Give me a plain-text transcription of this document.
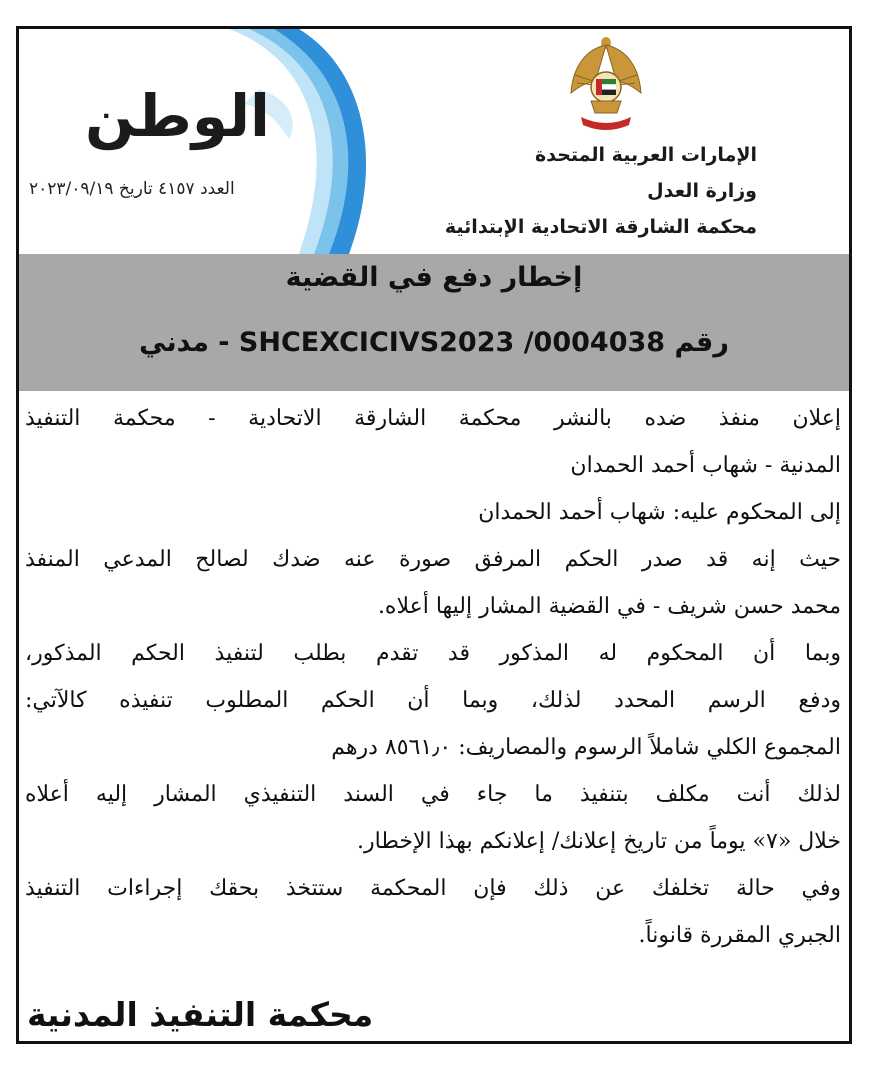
الإمارات العربية المتحدة
وزارة العدل
محكمة الشارقة الاتحادية الإبتدائية
الوطن
العدد ٤١٥٧ تاريخ ٢٠٢٣/٠٩/١٩
إخطار دفع في القضية
رقم SHCEXCICIVS2023 /0004038 - مدني

إعلان منفذ ضده بالنشر محكمة الشارقة الاتحادية - محكمة التنفيذ

المدنية - شهاب أحمد الحمدان

إلى المحكوم عليه: شهاب أحمد الحمدان

حيث إنه قد صدر الحكم المرفق صورة عنه ضدك لصالح المدعي المنفذ

محمد حسن شريف - في القضية المشار إليها أعلاه.

وبما أن المحكوم له المذكور قد تقدم بطلب لتنفيذ الحكم المذكور،

ودفع الرسم المحدد لذلك، وبما أن الحكم المطلوب تنفيذه كالآتي:

المجموع الكلي شاملاً الرسوم والمصاريف: ٨٥٦١٫٠ درهم

لذلك أنت مكلف بتنفيذ ما جاء في السند التنفيذي المشار إليه أعلاه

خلال «٧» يوماً من تاريخ إعلانك/ إعلانكم بهذا الإخطار.

وفي حالة تخلفك عن ذلك فإن المحكمة ستتخذ بحقك إجراءات التنفيذ

الجبري المقررة قانوناً.

محكمة التنفيذ المدنية
